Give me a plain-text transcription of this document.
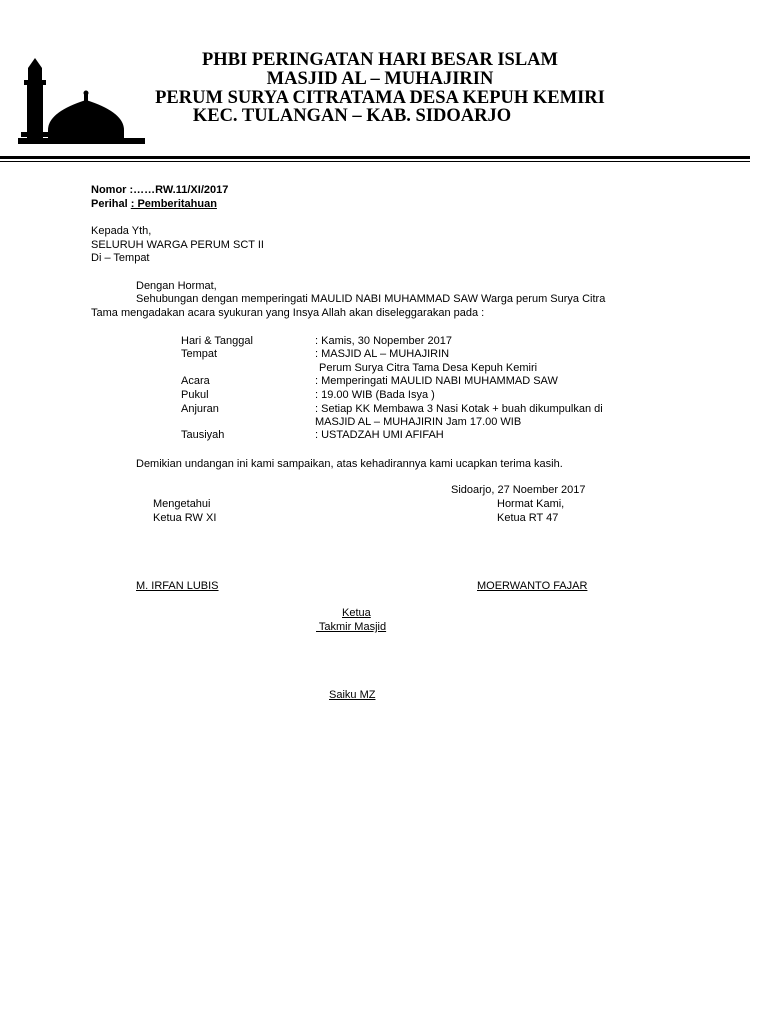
PHBI PERINGATAN HARI BESAR ISLAM
MASJID AL – MUHAJIRIN
PERUM SURYA CITRATAMA DESA KEPUH KEMIRI
KEC. TULANGAN – KAB. SIDOARJO
Nomor :……RW.11/XI/2017
Perihal : Pemberitahuan
Kepada Yth,
SELURUH WARGA PERUM SCT II
Di – Tempat
Dengan Hormat,
Sehubungan dengan memperingati MAULID NABI MUHAMMAD SAW Warga perum Surya Citra
Tama mengadakan acara syukuran yang Insya Allah akan diseleggarakan pada :
Hari & Tanggal	: Kamis, 30 Nopember 2017
Tempat	: MASJID AL – MUHAJIRIN
Perum Surya Citra Tama Desa Kepuh Kemiri
Acara	: Memperingati MAULID NABI MUHAMMAD SAW
Pukul	: 19.00 WIB (Bada Isya )
Anjuran	: Setiap KK Membawa 3 Nasi Kotak + buah dikumpulkan di
MASJID AL – MUHAJIRIN Jam 17.00 WIB
Tausiyah	: USTADZAH UMI AFIFAH
Demikian undangan ini kami sampaikan, atas kehadirannya kami ucapkan terima kasih.
Sidoarjo, 27 Noember 2017
Mengetahui
Ketua RW XI
Hormat Kami,
Ketua RT 47
M. IRFAN LUBIS	MOERWANTO FAJAR
Ketua
Takmir Masjid
Saiku MZ
